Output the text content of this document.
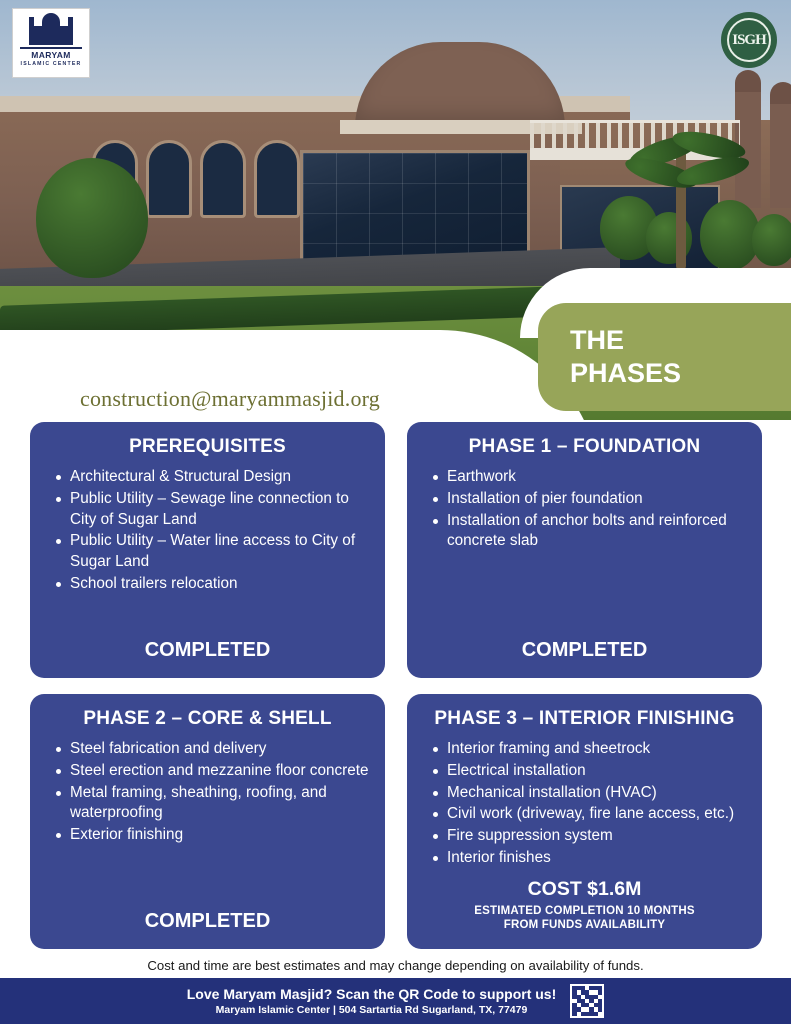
MARYAM
ISLAMIC CENTER
ISGH
THE
PHASES
construction@maryammasjid.org
PREREQUISITES
Architectural & Structural Design
Public Utility – Sewage line connection to City of Sugar Land
Public Utility – Water line access to City of Sugar Land
School trailers relocation
COMPLETED
PHASE 1 – FOUNDATION
Earthwork
Installation of pier foundation
Installation of anchor bolts and reinforced concrete slab
COMPLETED
PHASE 2 – CORE & SHELL
Steel fabrication and delivery
Steel erection and mezzanine floor concrete
Metal framing, sheathing, roofing, and waterproofing
Exterior finishing
COMPLETED
PHASE 3 – INTERIOR FINISHING
Interior framing and sheetrock
Electrical installation
Mechanical installation (HVAC)
Civil work (driveway, fire lane access, etc.)
Fire suppression system
Interior finishes
COST $1.6M
ESTIMATED COMPLETION 10 MONTHS
FROM FUNDS AVAILABILITY
Cost and time are best estimates and may change depending on availability of funds.
Love Maryam Masjid? Scan the QR Code to support us!
Maryam Islamic Center | 504 Sartartia Rd Sugarland, TX, 77479
